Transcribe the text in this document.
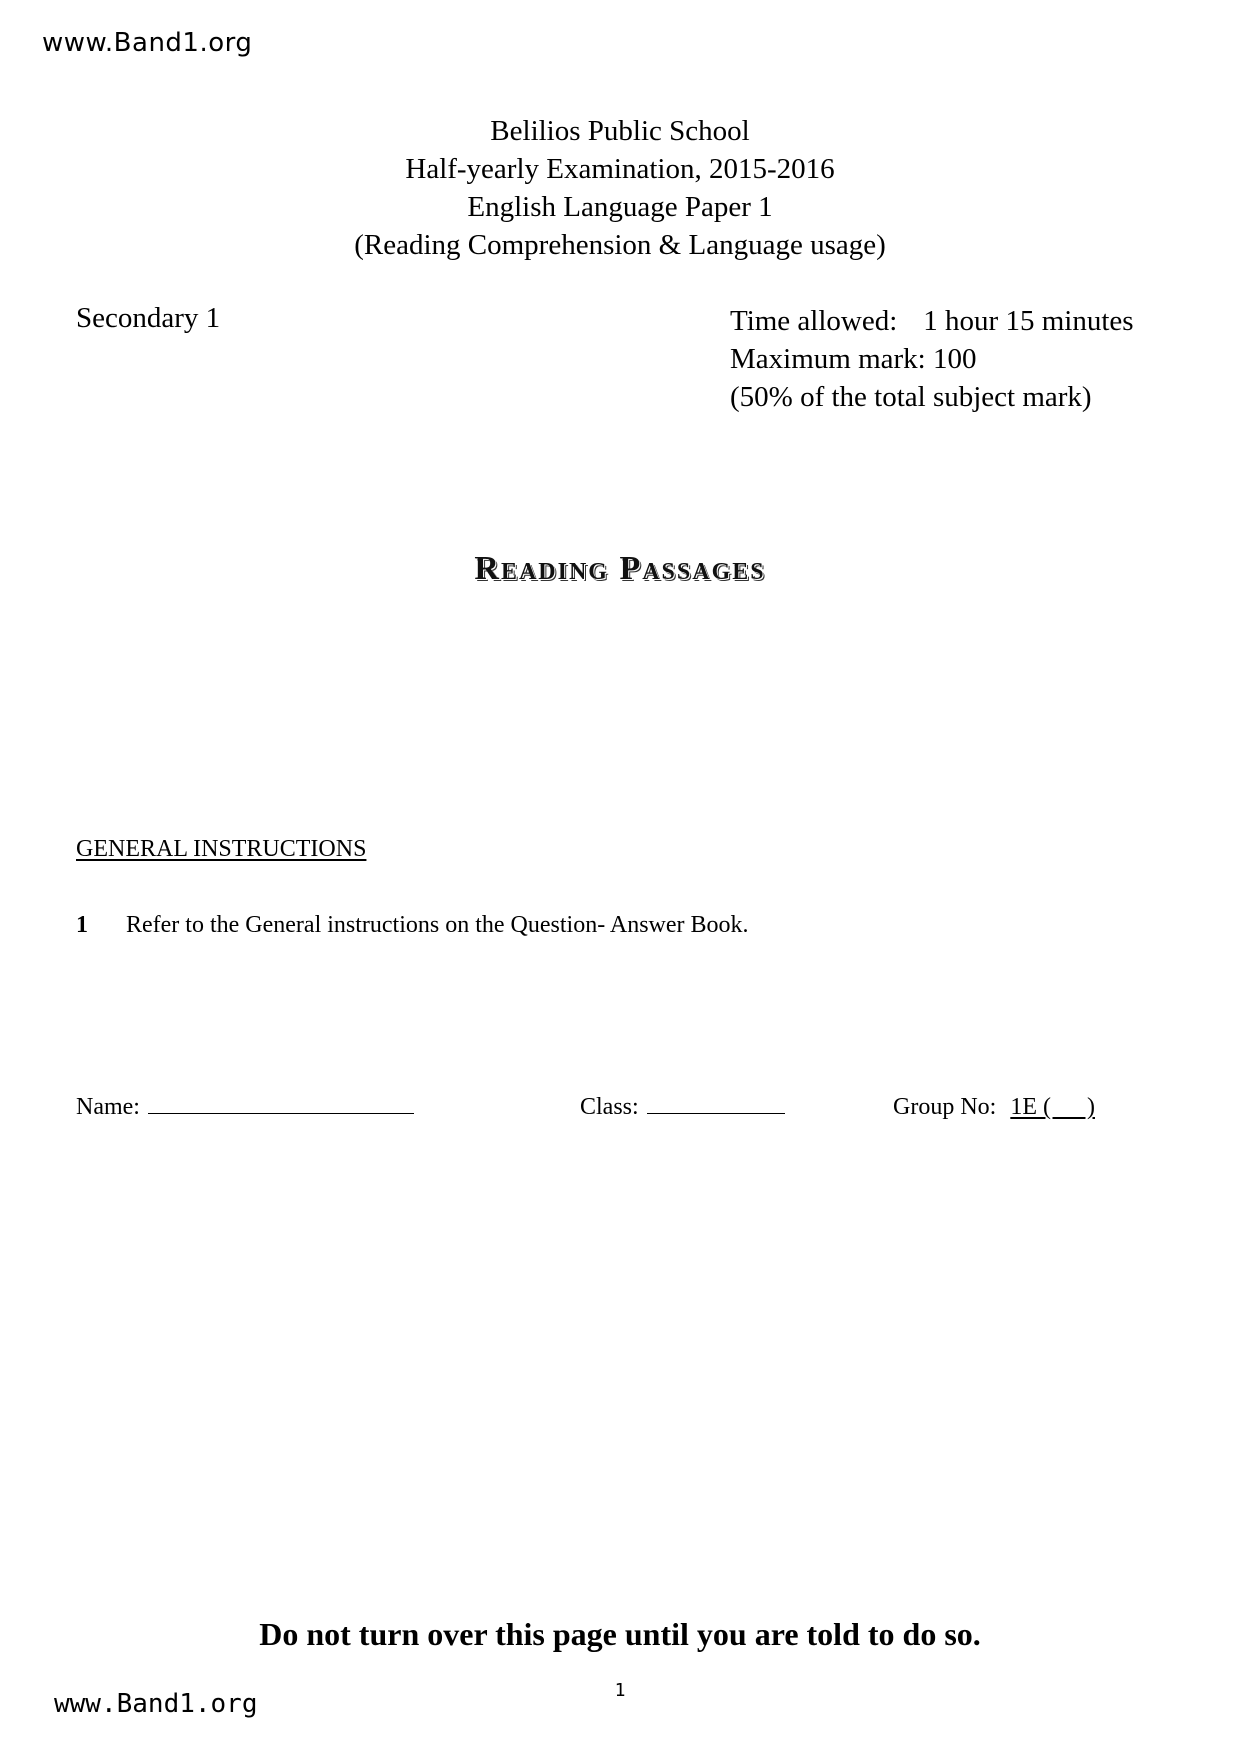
www.Band1.org
Belilios Public School
Half-yearly Examination, 2015-2016
English Language Paper 1
(Reading Comprehension & Language usage)
Secondary 1	Time allowed: 1 hour 15 minutes
Maximum mark: 100
(50% of the total subject mark)
Reading Passages
GENERAL INSTRUCTIONS
1 Refer to the General instructions on the Question- Answer Book.
Name:	Class:	Group No: 1E (      )
Do not turn over this page until you are told to do so.
1
www.Band1.org
